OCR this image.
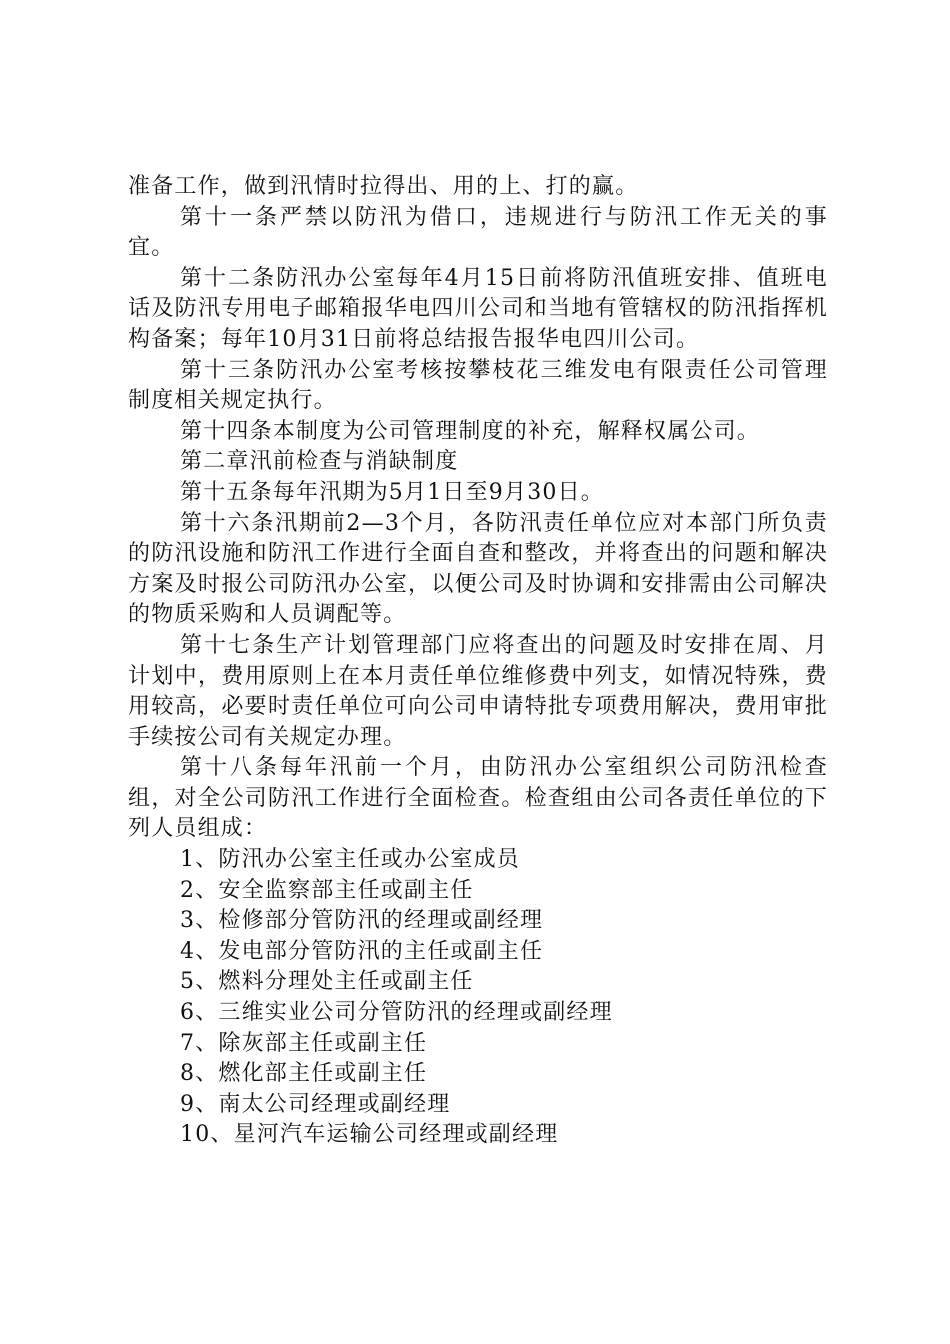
准备工作，做到汛情时拉得出、用的上、打的赢。

第十一条严禁以防汛为借口，违规进行与防汛工作无关的事宜。

第十二条防汛办公室每年4月15日前将防汛值班安排、值班电话及防汛专用电子邮箱报华电四川公司和当地有管辖权的防汛指挥机构备案；每年10月31日前将总结报告报华电四川公司。

第十三条防汛办公室考核按攀枝花三维发电有限责任公司管理制度相关规定执行。

第十四条本制度为公司管理制度的补充，解释权属公司。

第二章汛前检查与消缺制度

第十五条每年汛期为5月1日至9月30日。

第十六条汛期前2—3个月，各防汛责任单位应对本部门所负责的防汛设施和防汛工作进行全面自查和整改，并将查出的问题和解决方案及时报公司防汛办公室，以便公司及时协调和安排需由公司解决的物质采购和人员调配等。

第十七条生产计划管理部门应将查出的问题及时安排在周、月计划中，费用原则上在本月责任单位维修费中列支，如情况特殊，费用较高，必要时责任单位可向公司申请特批专项费用解决，费用审批手续按公司有关规定办理。

第十八条每年汛前一个月，由防汛办公室组织公司防汛检查组，对全公司防汛工作进行全面检查。检查组由公司各责任单位的下列人员组成：

1、防汛办公室主任或办公室成员

2、安全监察部主任或副主任

3、检修部分管防汛的经理或副经理

4、发电部分管防汛的主任或副主任

5、燃料分理处主任或副主任

6、三维实业公司分管防汛的经理或副经理

7、除灰部主任或副主任

8、燃化部主任或副主任

9、南太公司经理或副经理

10、星河汽车运输公司经理或副经理
